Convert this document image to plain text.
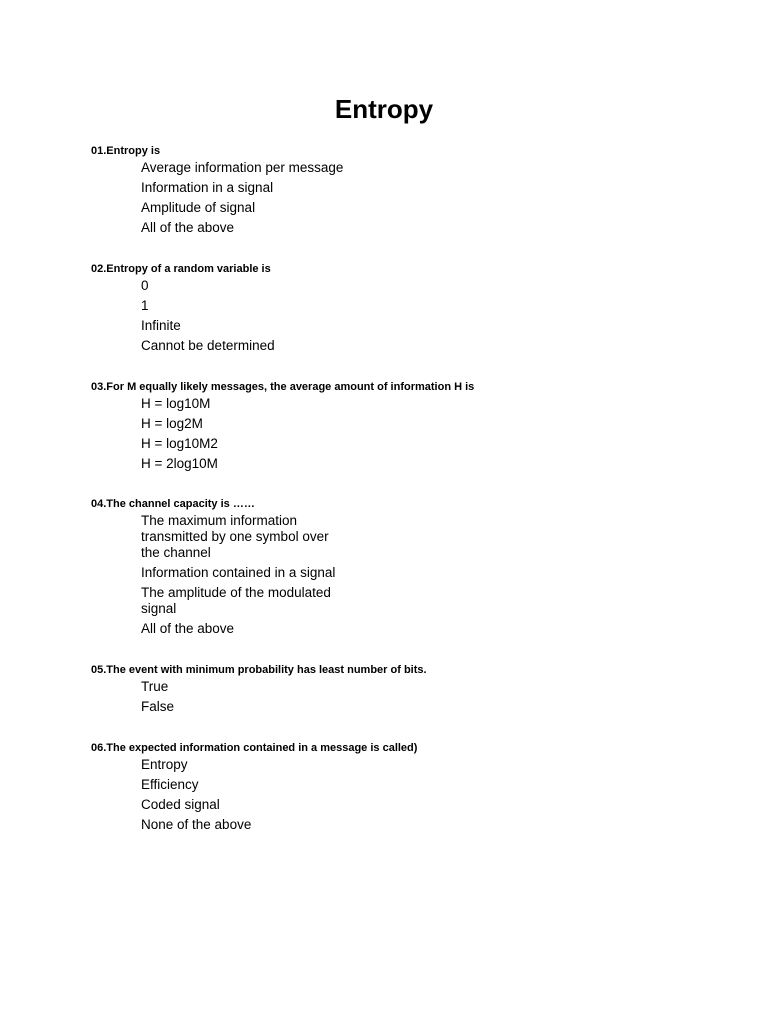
Entropy

01.Entropy is

Average information per message
Information in a signal
Amplitude of signal
All of the above

02.Entropy of a random variable is

0
1
Infinite
Cannot be determined

03.For M equally likely messages, the average amount of information H is

H = log10M
H = log2M
H = log10M2
H = 2log10M

04.The channel capacity is ……

The maximum information transmitted by one symbol over the channel
Information contained in a signal
The amplitude of the modulated signal
All of the above

05.The event with minimum probability has least number of bits.

True
False

06.The expected information contained in a message is called)

Entropy
Efficiency
Coded signal
None of the above
